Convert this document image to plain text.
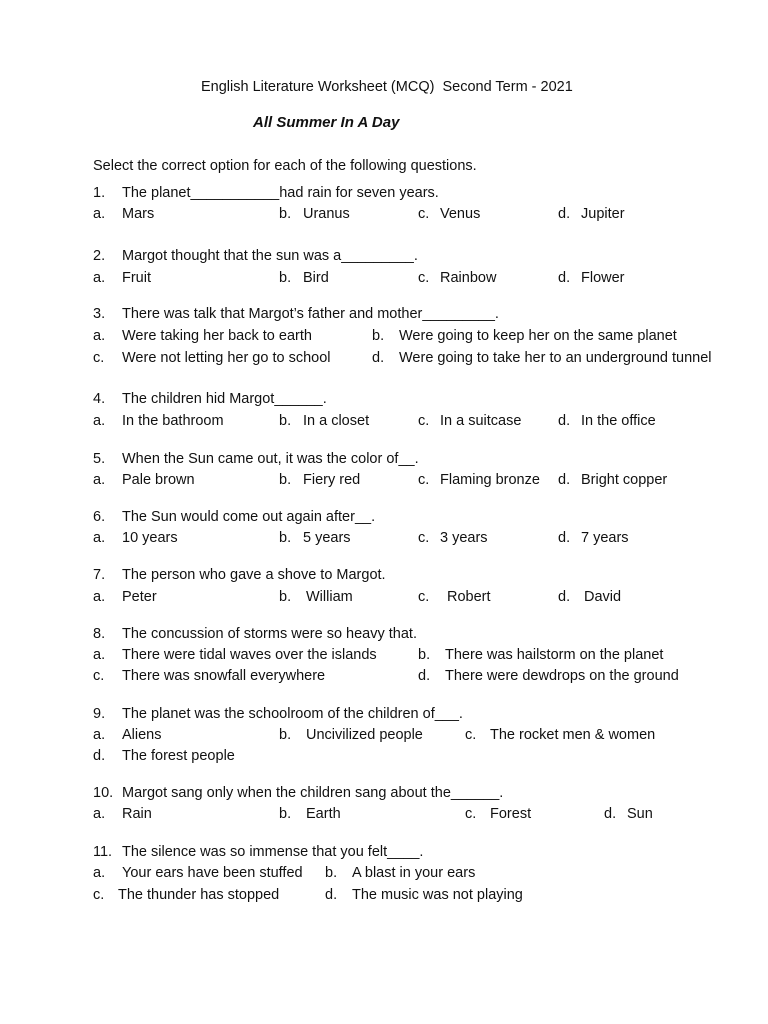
English Literature Worksheet (MCQ)  Second Term - 2021
All Summer In A Day
Select the correct option for each of the following questions.
1. The planet___________had rain for seven years.
a. Mars	b. Uranus	c. Venus	d. Jupiter
2. Margot thought that the sun was a_________.
a. Fruit	b. Bird	c. Rainbow	d. Flower
3. There was talk that Margot’s father and mother_________.
a. Were taking her back to earth	b. Were going to keep her on the same planet
c. Were not letting her go to school	d. Were going to take her to an underground tunnel
4. The children hid Margot______.
a. In the bathroom	b. In a closet	c. In a suitcase	d. In the office
5. When the Sun came out, it was the color of__.
a. Pale brown	b. Fiery red	c. Flaming bronze d. Bright copper
6. The Sun would come out again after__.
a. 10 years	b. 5 years	c. 3 years	d. 7 years
7. The person who gave a shove to Margot.
a. Peter	b. William	c. Robert	d. David
8. The concussion of storms were so heavy that.
a. There were tidal waves over the islands	b. There was hailstorm on the planet
c. There was snowfall everywhere	d. There were dewdrops on the ground
9. The planet was the schoolroom of the children of___.
a. Aliens	b. Uncivilized people	c. The rocket men & women
d. The forest people
10. Margot sang only when the children sang about the______.
a. Rain	b. Earth	c. Forest	d. Sun
11. The silence was so immense that you felt____.
a. Your ears have been stuffed b. A blast in your ears
c. The thunder has stopped	d. The music was not playing
